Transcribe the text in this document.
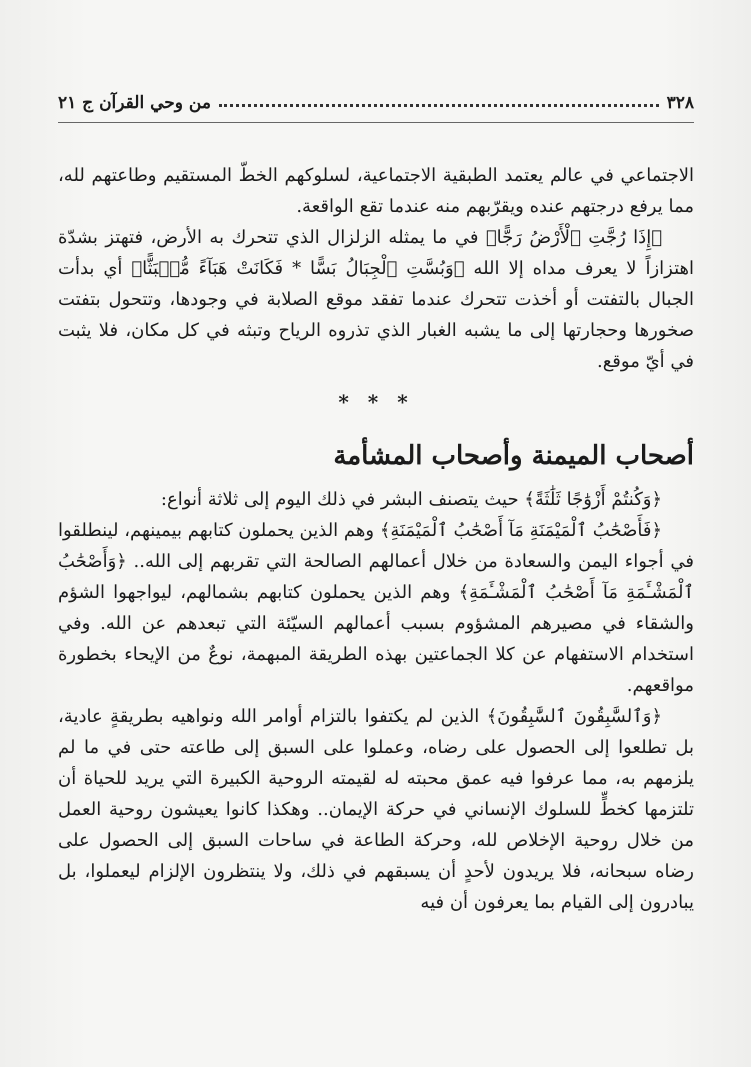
٣٢٨
من وحي القرآن ج ٢١

الاجتماعي في عالم يعتمد الطبقية الاجتماعية، لسلوكهم الخطّ المستقيم وطاعتهم لله، مما يرفع درجتهم عنده ويقرّبهم منه عندما تقع الواقعة.

﴿إِذَا رُجَّتِ ٱلْأَرْضُ رَجًّا﴾ في ما يمثله الزلزال الذي تتحرك به الأرض، فتهتز بشدّة اهتزازاً لا يعرف مداه إلا الله ﴿وَبُسَّتِ ٱلْجِبَالُ بَسًّا * فَكَانَتْ هَبَآءً مُّنۢبَثًّا﴾ أي بدأت الجبال بالتفتت أو أخذت تتحرك عندما تفقد موقع الصلابة في وجودها، وتتحول بتفتت صخورها وحجارتها إلى ما يشبه الغبار الذي تذروه الرياح وتبثه في كل مكان، فلا يثبت في أيّ موقع.

* * *
أصحاب الميمنة وأصحاب المشأمة

﴿وَكُنتُمْ أَزْوَٰجًا ثَلَٰثَةً﴾ حيث يتصنف البشر في ذلك اليوم إلى ثلاثة أنواع:

﴿فَأَصْحَٰبُ ٱلْمَيْمَنَةِ مَآ أَصْحَٰبُ ٱلْمَيْمَنَةِ﴾ وهم الذين يحملون كتابهم بيمينهم، لينطلقوا في أجواء اليمن والسعادة من خلال أعمالهم الصالحة التي تقربهم إلى الله.. ﴿وَأَصْحَٰبُ ٱلْمَشْـَٔمَةِ مَآ أَصْحَٰبُ ٱلْمَشْـَٔمَةِ﴾ وهم الذين يحملون كتابهم بشمالهم، ليواجهوا الشؤم والشقاء في مصيرهم المشؤوم بسبب أعمالهم السيّئة التي تبعدهم عن الله. وفي استخدام الاستفهام عن كلا الجماعتين بهذه الطريقة المبهمة، نوعٌ من الإيحاء بخطورة مواقعهم.

﴿وَٱلسَّٰبِقُونَ ٱلسَّٰبِقُونَ﴾ الذين لم يكتفوا بالتزام أوامر الله ونواهيه بطريقةٍ عادية، بل تطلعوا إلى الحصول على رضاه، وعملوا على السبق إلى طاعته حتى في ما لم يلزمهم به، مما عرفوا فيه عمق محبته له لقيمته الروحية الكبيرة التي يريد للحياة أن تلتزمها كخطٍّ للسلوك الإنساني في حركة الإيمان.. وهكذا كانوا يعيشون روحية العمل من خلال روحية الإخلاص لله، وحركة الطاعة في ساحات السبق إلى الحصول على رضاه سبحانه، فلا يريدون لأحدٍ أن يسبقهم في ذلك، ولا ينتظرون الإلزام ليعملوا، بل يبادرون إلى القيام بما يعرفون أن فيه
